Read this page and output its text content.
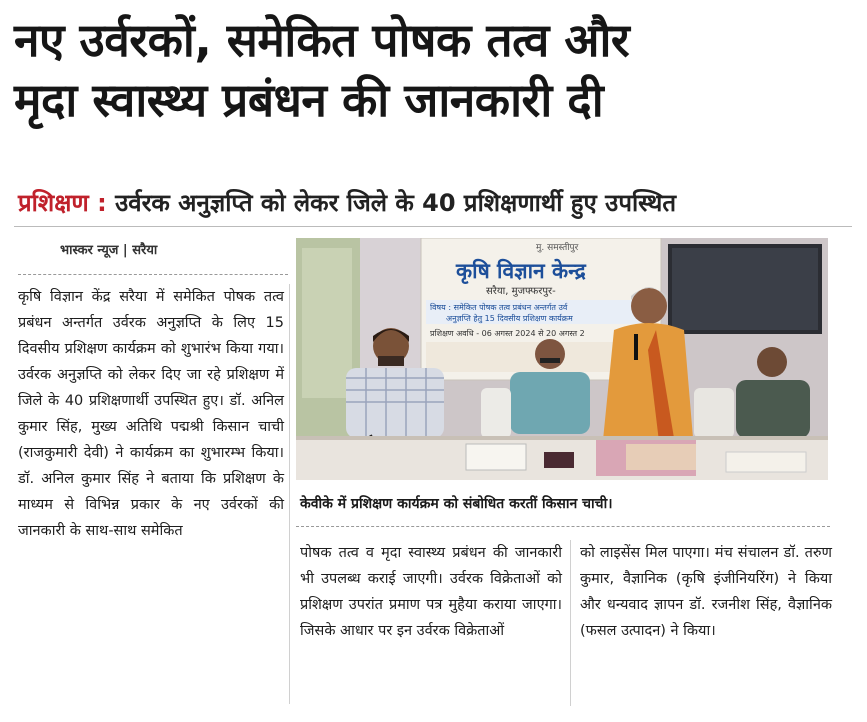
नए उर्वरकों, समेकित पोषक तत्व और
मृदा स्वास्थ्य प्रबंधन की जानकारी दी
प्रशिक्षण : उर्वरक अनुज्ञप्ति को लेकर जिले के 40 प्रशिक्षणार्थी हुए उपस्थित
भास्कर न्यूज | सरैया
कृषि विज्ञान केंद्र सरैया में समेकित पोषक तत्व प्रबंधन अन्तर्गत उर्वरक अनुज्ञप्ति के लिए 15 दिवसीय प्रशिक्षण कार्यक्रम को शुभारंभ किया गया। उर्वरक अनुज्ञप्ति को लेकर दिए जा रहे प्रशिक्षण में जिले के 40 प्रशिक्षणार्थी उपस्थित हुए। डॉ. अनिल कुमार सिंह, मुख्य अतिथि पद्मश्री किसान चाची (राजकुमारी देवी) ने कार्यक्रम का शुभारम्भ किया। डॉ. अनिल कुमार सिंह ने बताया कि प्रशिक्षण के माध्यम से विभिन्न प्रकार के नए उर्वरकों की जानकारी के साथ-साथ समेकित
मु. समस्तीपुर
कृषि विज्ञान केन्द्र
सरैया, मुजफ्फरपुर-
विषय : समेकित पोषक तत्व प्रबंधन अन्तर्गत उर्व
अनुज्ञप्ति हेतु 15 दिवसीय प्रशिक्षण कार्यक्रम
प्रशिक्षण अवधि - 06 अगस्त 2024 से 20 अगस्त 2
केवीके में प्रशिक्षण कार्यक्रम को संबोधित करतीं किसान चाची।
पोषक तत्व व मृदा स्वास्थ्य प्रबंधन की जानकारी भी उपलब्ध कराई जाएगी। उर्वरक विक्रेताओं को प्रशिक्षण उपरांत प्रमाण पत्र मुहैया कराया जाएगा। जिसके आधार पर इन उर्वरक विक्रेताओं
को लाइसेंस मिल पाएगा। मंच संचालन डॉ. तरुण कुमार, वैज्ञानिक (कृषि इंजीनियरिंग) ने किया और धन्यवाद ज्ञापन डॉ. रजनीश सिंह, वैज्ञानिक (फसल उत्पादन) ने किया।
